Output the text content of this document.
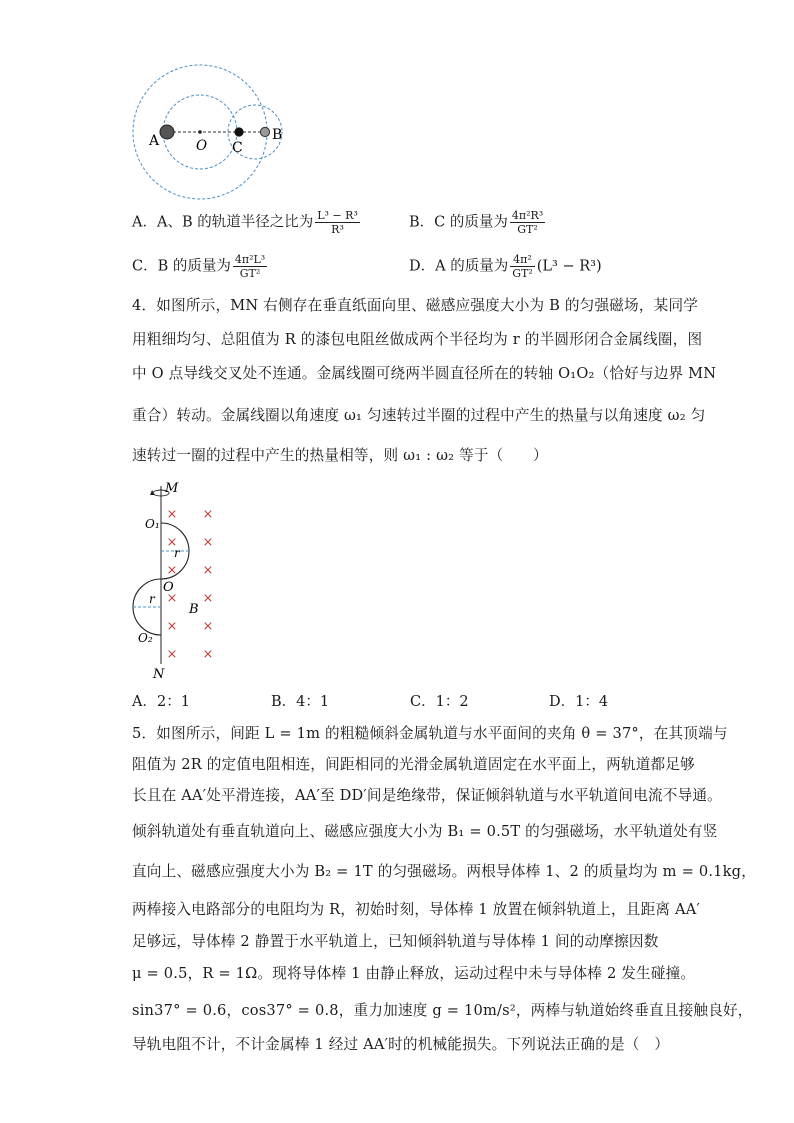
A	O C
B
A．A、B 的轨道半径之比为 $\frac{\text{L³ − R³}}{\text{R³}}$	B．C 的质量为 $\frac{\text{4π²R³}}{\text{GT²}}$
C．B 的质量为 $\frac{\text{4π²L³}}{\text{GT²}}$	D．A 的质量为 $\frac{\text{4π²}}{\text{GT²}} (L^3 - R^3)$
4．如图所示，MN 右侧存在垂直纸面向里、磁感应强度大小为 B 的匀强磁场，某同学
用粗细均匀、总阻值为 R 的漆包电阻丝做成两个半径均为 r 的半圆形闭合金属线圈，图
中 O 点导线交叉处不连通。金属线圈可绕两半圆直径所在的转轴 O₁O₂（恰好与边界 MN
重合）转动。金属线圈以角速度 ω₁ 匀速转过半圈的过程中产生的热量与以角速度 ω₂ 匀
速转过一圈的过程中产生的热量相等，则 ω₁ : ω₂ 等于（　　）
M
O₁
r
O
r
B
O₂
N
× ×
× ×
× ×
× ×
× ×
× ×
A．2：1	B．4：1	C．1：2	D．1：4
5．如图所示，间距 L = 1m 的粗糙倾斜金属轨道与水平面间的夹角 θ = 37°，在其顶端与
阻值为 2R 的定值电阻相连，间距相同的光滑金属轨道固定在水平面上，两轨道都足够
长且在 AA′处平滑连接，AA′至 DD′间是绝缘带，保证倾斜轨道与水平轨道间电流不导通。
倾斜轨道处有垂直轨道向上、磁感应强度大小为 B₁ = 0.5T 的匀强磁场，水平轨道处有竖
直向上、磁感应强度大小为 B₂ = 1T 的匀强磁场。两根导体棒 1、2 的质量均为 m = 0.1kg，
两棒接入电路部分的电阻均为 R，初始时刻，导体棒 1 放置在倾斜轨道上，且距离 AA′
足够远，导体棒 2 静置于水平轨道上，已知倾斜轨道与导体棒 1 间的动摩擦因数
μ = 0.5，R = 1Ω。现将导体棒 1 由静止释放，运动过程中未与导体棒 2 发生碰撞。
sin37° = 0.6，cos37° = 0.8，重力加速度 g = 10m/s²，两棒与轨道始终垂直且接触良好，
导轨电阻不计，不计金属棒 1 经过 AA′时的机械能损失。下列说法正确的是（　）
